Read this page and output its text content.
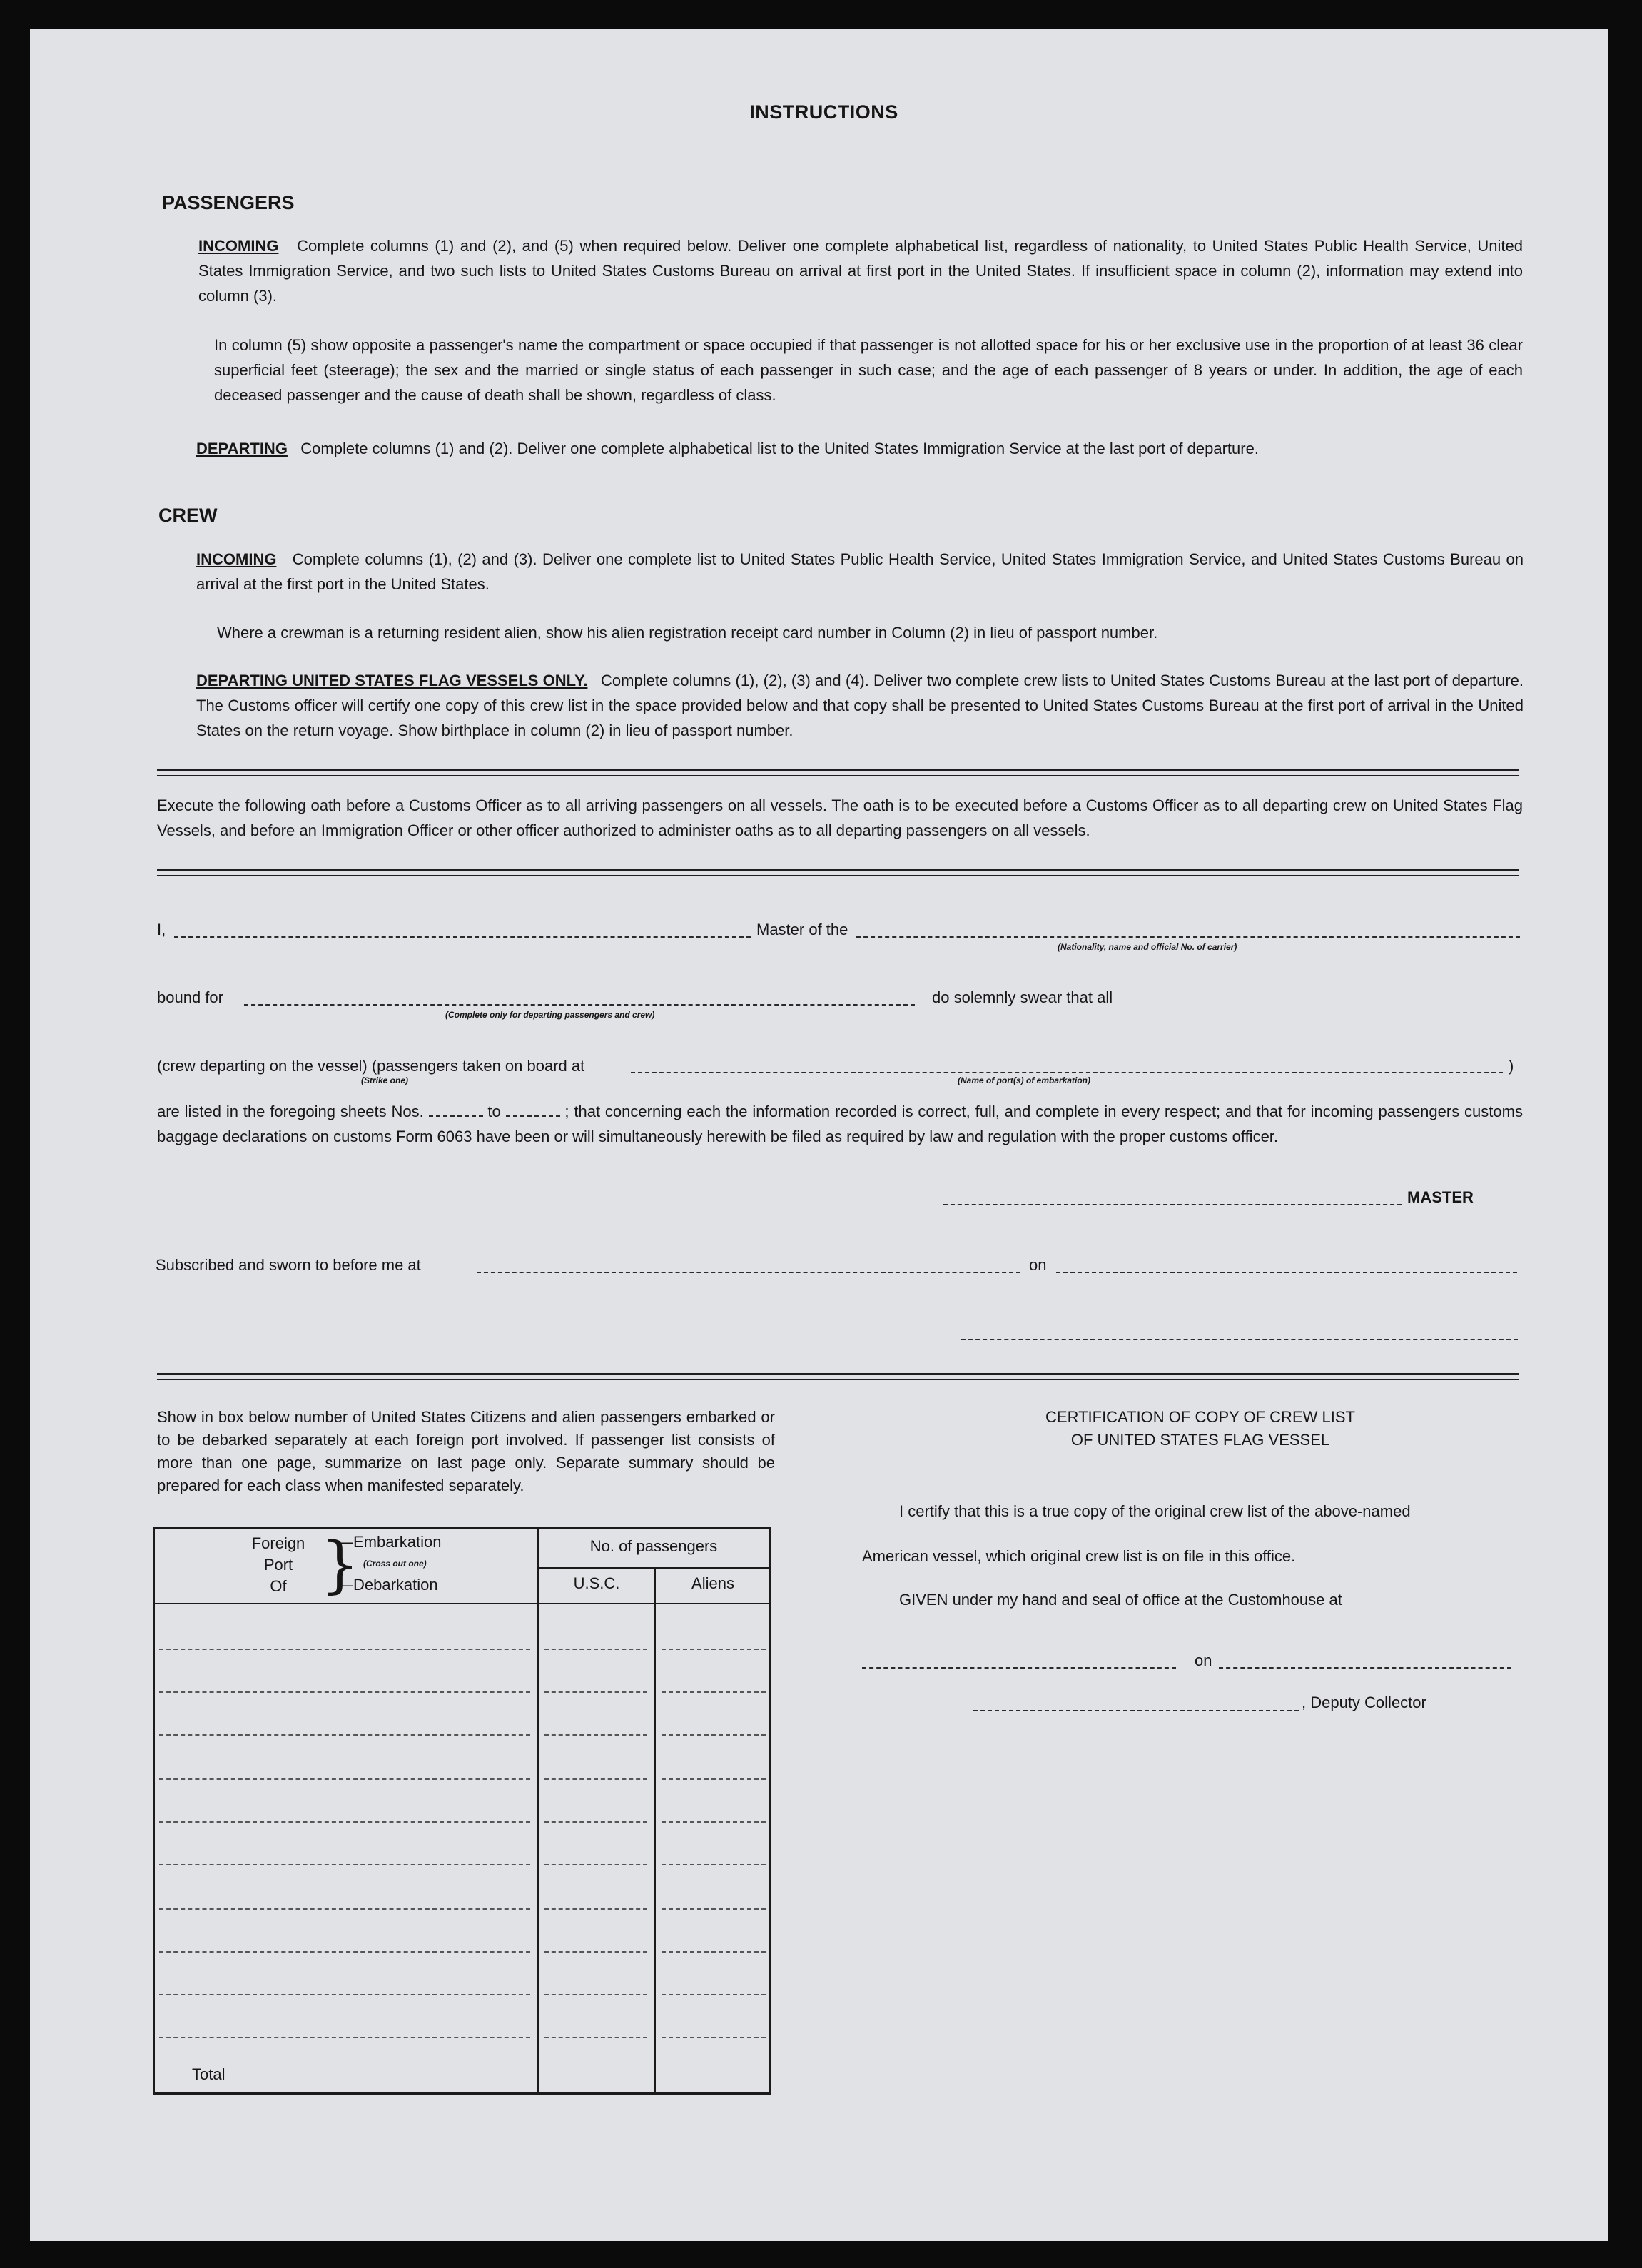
INSTRUCTIONS
PASSENGERS
INCOMING Complete columns (1) and (2), and (5) when required below. Deliver one complete alphabetical list, regardless of nationality, to United States Public Health Service, United States Immigration Service, and two such lists to United States Customs Bureau on arrival at first port in the United States. If insufficient space in column (2), information may extend into column (3).
In column (5) show opposite a passenger's name the compartment or space occupied if that passenger is not allotted space for his or her exclusive use in the proportion of at least 36 clear superficial feet (steerage); the sex and the married or single status of each passenger in such case; and the age of each passenger of 8 years or under. In addition, the age of each deceased passenger and the cause of death shall be shown, regardless of class.
DEPARTING Complete columns (1) and (2). Deliver one complete alphabetical list to the United States Immigration Service at the last port of departure.
CREW
INCOMING Complete columns (1), (2) and (3). Deliver one complete list to United States Public Health Service, United States Immigration Service, and United States Customs Bureau on arrival at the first port in the United States.
Where a crewman is a returning resident alien, show his alien registration receipt card number in Column (2) in lieu of passport number.
DEPARTING UNITED STATES FLAG VESSELS ONLY. Complete columns (1), (2), (3) and (4). Deliver two complete crew lists to United States Customs Bureau at the last port of departure. The Customs officer will certify one copy of this crew list in the space provided below and that copy shall be presented to United States Customs Bureau at the first port of arrival in the United States on the return voyage. Show birthplace in column (2) in lieu of passport number.
Execute the following oath before a Customs Officer as to all arriving passengers on all vessels. The oath is to be executed before a Customs Officer as to all departing crew on United States Flag Vessels, and before an Immigration Officer or other officer authorized to administer oaths as to all departing passengers on all vessels.
I,	Master of the
(Nationality, name and official No. of carrier)
bound for
(Complete only for departing passengers and crew)
do solemnly swear that all
(crew departing on the vessel) (passengers taken on board at
(Strike one)	(Name of port(s) of embarkation)
)
are listed in the foregoing sheets Nos.	to	; that concerning each the information recorded is correct, full, and complete in every respect; and that for incoming passengers customs baggage declarations on customs Form 6063 have been or will simultaneously herewith be filed as required by law and regulation with the proper customs officer.
MASTER
Subscribed and sworn to before me at	on
Show in box below number of United States Citizens and alien passengers embarked or to be debarked separately at each foreign port involved. If passenger list consists of more than one page, summarize on last page only. Separate summary should be prepared for each class when manifested separately.
Foreign
Port
Of }
—Embarkation
(Cross out one)
—Debarkation
No. of passengers
U.S.C.	Aliens
Total
CERTIFICATION OF COPY OF CREW LIST
OF UNITED STATES FLAG VESSEL
I certify that this is a true copy of the original crew list of the above-named
American vessel, which original crew list is on file in this office.
GIVEN under my hand and seal of office at the Customhouse at
on
, Deputy Collector
